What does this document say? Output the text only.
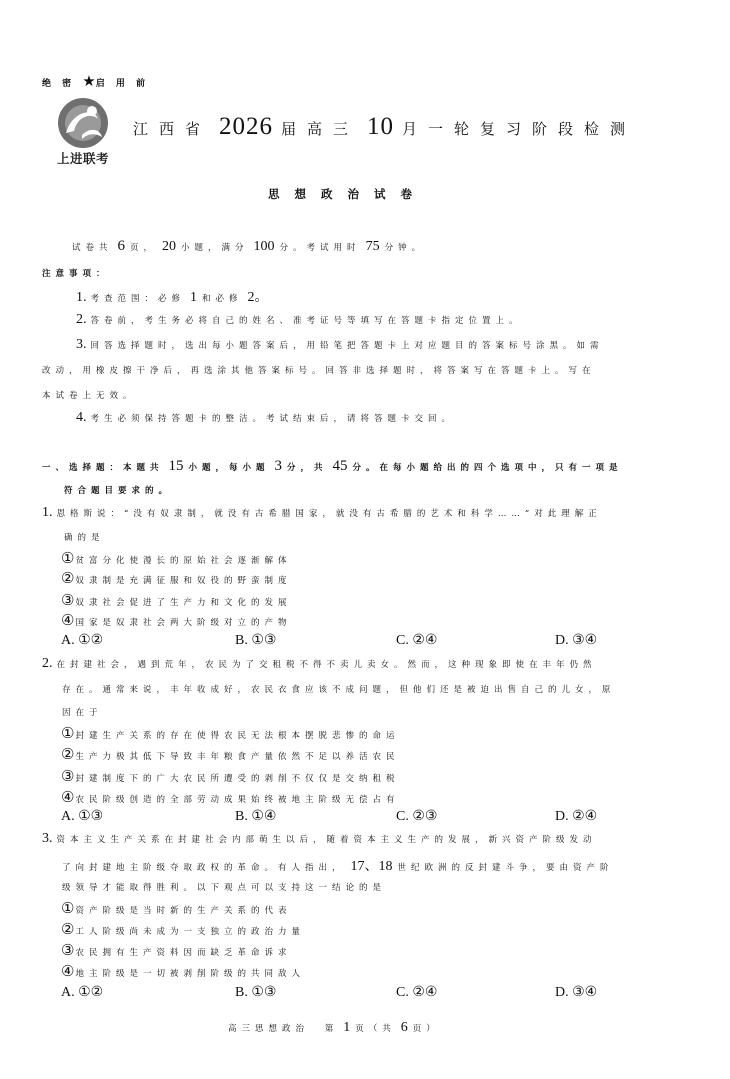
绝 密 ★启 用 前
上进联考
江西省 2026 届高三 10 月一轮复习阶段检测
思想政治试卷
试卷共 6 页， 20 小题，满分 100 分。考试用时 75 分钟。
注意事项：
1. 考查范围：必修 1 和必修 2。
2. 答卷前，考生务必将自己的姓名、准考证号等填写在答题卡指定位置上。
3. 回答选择题时，选出每小题答案后，用铅笔把答题卡上对应题目的答案标号涂黑。如需
改动，用橡皮擦干净后，再选涂其他答案标号。回答非选择题时，将答案写在答题卡上。写在
本试卷上无效。
4. 考生必须保持答题卡的整洁。考试结束后，请将答题卡交回。
一、选择题：本题共 15 小题，每小题 3 分，共 45 分。在每小题给出的四个选项中，只有一项是
符合题目要求的。
1. 恩格斯说：“没有奴隶制，就没有古希腊国家，就没有古希腊的艺术和科学……”对此理解正
确的是
①贫富分化使漫长的原始社会逐渐解体
②奴隶制是充满征服和奴役的野蛮制度
③奴隶社会促进了生产力和文化的发展
④国家是奴隶社会两大阶级对立的产物
A. ①②	B. ①③	C. ②④	D. ③④
2. 在封建社会，遇到荒年，农民为了交租税不得不卖儿卖女。然而，这种现象即使在丰年仍然
存在。通常来说，丰年收成好，农民衣食应该不成问题，但他们还是被迫出售自己的儿女，原
因在于
①封建生产关系的存在使得农民无法根本摆脱悲惨的命运
②生产力极其低下导致丰年粮食产量依然不足以养活农民
③封建制度下的广大农民所遭受的剥削不仅仅是交纳租税
④农民阶级创造的全部劳动成果始终被地主阶级无偿占有
A. ①③	B. ①④	C. ②③	D. ②④
3. 资本主义生产关系在封建社会内部萌生以后，随着资本主义生产的发展，新兴资产阶级发动
了向封建地主阶级夺取政权的革命。有人指出， 17、18 世纪欧洲的反封建斗争，要由资产阶
级领导才能取得胜利。以下观点可以支持这一结论的是
①资产阶级是当时新的生产关系的代表
②工人阶级尚未成为一支独立的政治力量
③农民拥有生产资料因而缺乏革命诉求
④地主阶级是一切被剥削阶级的共同敌人
A. ①②	B. ①③	C. ②④	D. ③④
高三思想政治 第 1 页（共 6 页）
